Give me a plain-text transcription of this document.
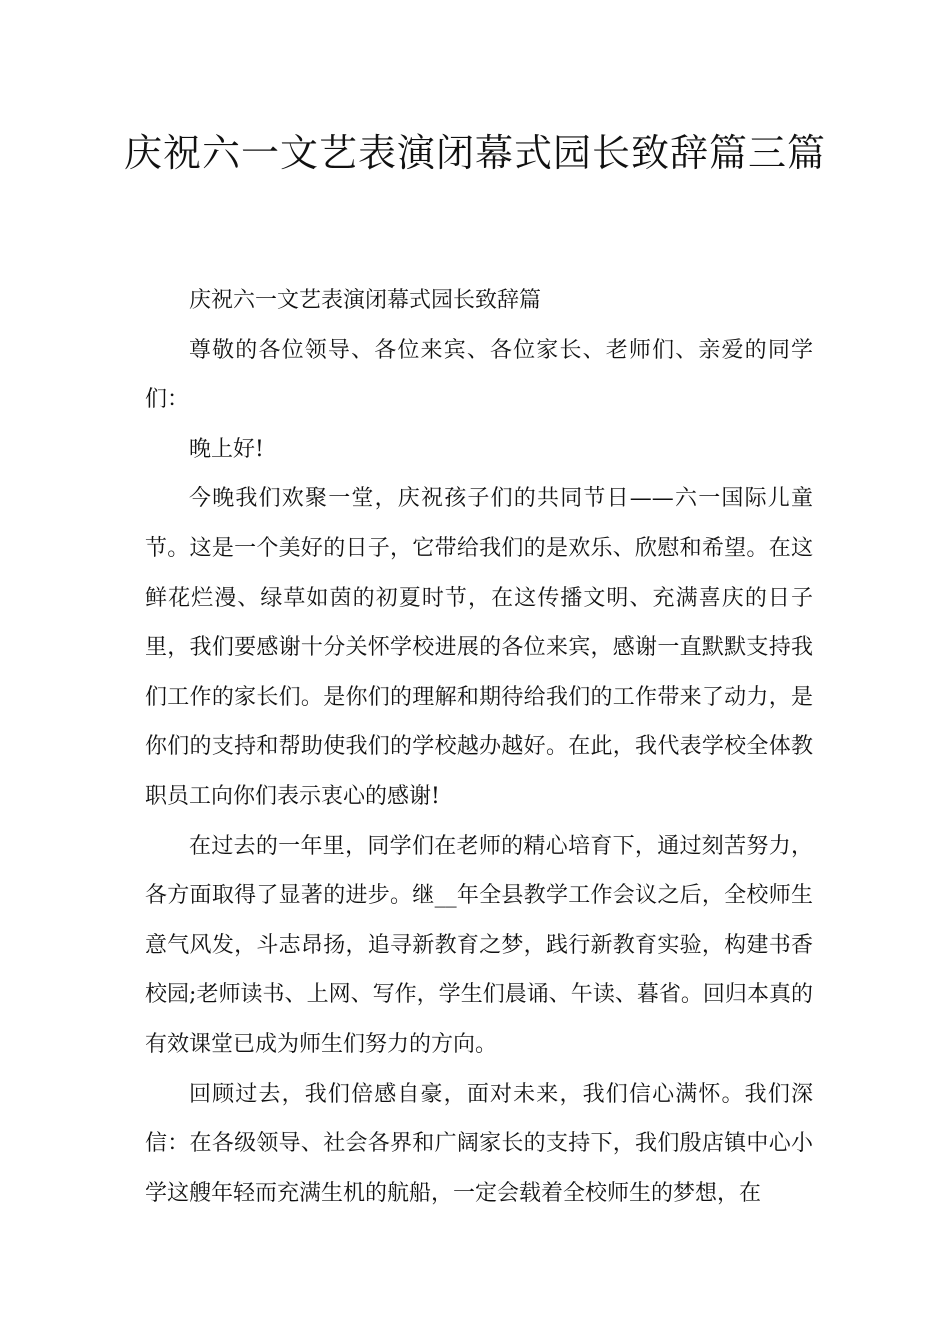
庆祝六一文艺表演闭幕式园长致辞篇三篇

庆祝六一文艺表演闭幕式园长致辞篇

尊敬的各位领导、各位来宾、各位家长、老师们、亲爱的同学们：

晚上好!

今晚我们欢聚一堂，庆祝孩子们的共同节日——六一国际儿童节。这是一个美好的日子，它带给我们的是欢乐、欣慰和希望。在这鲜花烂漫、绿草如茵的初夏时节，在这传播文明、充满喜庆的日子里，我们要感谢十分关怀学校进展的各位来宾，感谢一直默默支持我们工作的家长们。是你们的理解和期待给我们的工作带来了动力，是你们的支持和帮助使我们的学校越办越好。在此，我代表学校全体教职员工向你们表示衷心的感谢!

在过去的一年里，同学们在老师的精心培育下，通过刻苦努力，各方面取得了显著的进步。继__年全县教学工作会议之后，全校师生意气风发，斗志昂扬，追寻新教育之梦，践行新教育实验，构建书香校园;老师读书、上网、写作，学生们晨诵、午读、暮省。回归本真的有效课堂已成为师生们努力的方向。

回顾过去，我们倍感自豪，面对未来，我们信心满怀。我们深信：在各级领导、社会各界和广阔家长的支持下，我们殷店镇中心小学这艘年轻而充满生机的航船，一定会载着全校师生的梦想，在
